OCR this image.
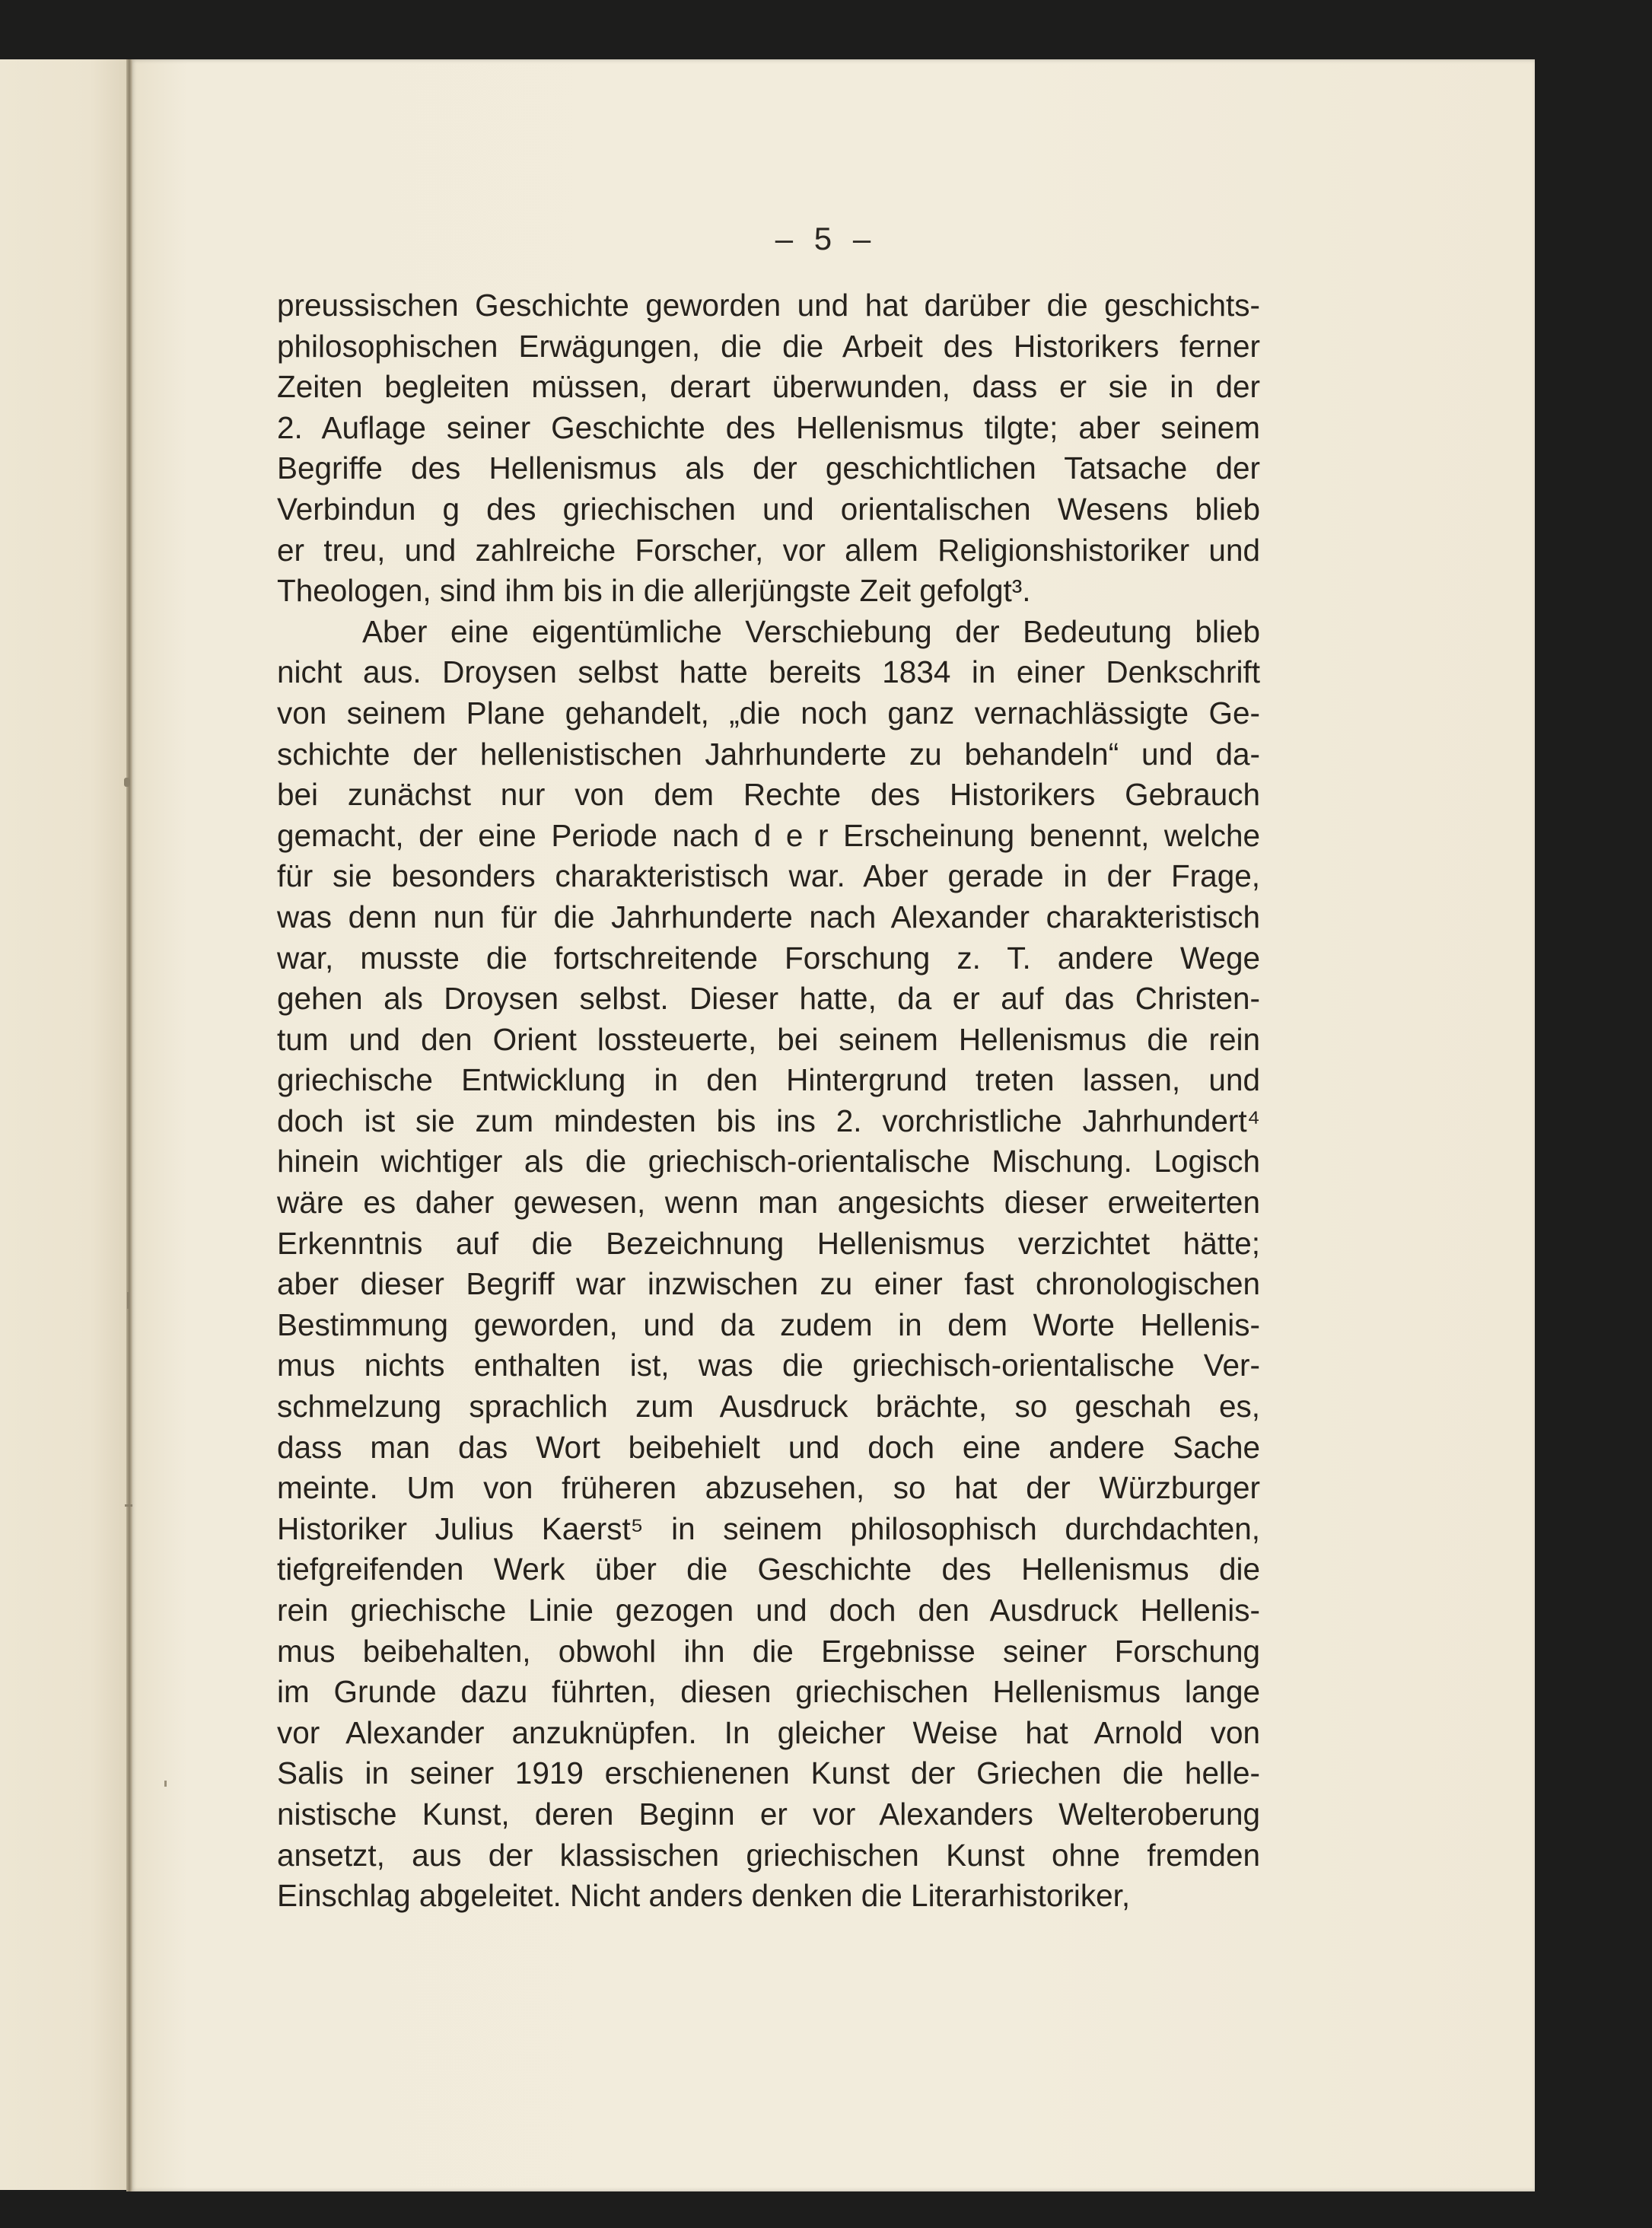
– 5 –
preussischen Geschichte geworden und hat darüber die geschichts-
philosophischen Erwägungen, die die Arbeit des Historikers ferner
Zeiten begleiten müssen, derart überwunden, dass er sie in der
2. Auflage seiner Geschichte des Hellenismus tilgte; aber seinem
Begriffe des Hellenismus als der geschichtlichen Tatsache der
Verbindun g des griechischen und orientalischen Wesens blieb
er treu, und zahlreiche Forscher, vor allem Religionshistoriker und
Theologen, sind ihm bis in die allerjüngste Zeit gefolgt³.
Aber eine eigentümliche Verschiebung der Bedeutung blieb
nicht aus. Droysen selbst hatte bereits 1834 in einer Denkschrift
von seinem Plane gehandelt, „die noch ganz vernachlässigte Ge-
schichte der hellenistischen Jahrhunderte zu behandeln“ und da-
bei zunächst nur von dem Rechte des Historikers Gebrauch
gemacht, der eine Periode nach d e r Erscheinung benennt, welche
für sie besonders charakteristisch war. Aber gerade in der Frage,
was denn nun für die Jahrhunderte nach Alexander charakteristisch
war, musste die fortschreitende Forschung z. T. andere Wege
gehen als Droysen selbst. Dieser hatte, da er auf das Christen-
tum und den Orient lossteuerte, bei seinem Hellenismus die rein
griechische Entwicklung in den Hintergrund treten lassen, und
doch ist sie zum mindesten bis ins 2. vorchristliche Jahrhundert⁴
hinein wichtiger als die griechisch-orientalische Mischung. Logisch
wäre es daher gewesen, wenn man angesichts dieser erweiterten
Erkenntnis auf die Bezeichnung Hellenismus verzichtet hätte;
aber dieser Begriff war inzwischen zu einer fast chronologischen
Bestimmung geworden, und da zudem in dem Worte Hellenis-
mus nichts enthalten ist, was die griechisch-orientalische Ver-
schmelzung sprachlich zum Ausdruck brächte, so geschah es,
dass man das Wort beibehielt und doch eine andere Sache
meinte. Um von früheren abzusehen, so hat der Würzburger
Historiker Julius Kaerst⁵ in seinem philosophisch durchdachten,
tiefgreifenden Werk über die Geschichte des Hellenismus die
rein griechische Linie gezogen und doch den Ausdruck Hellenis-
mus beibehalten, obwohl ihn die Ergebnisse seiner Forschung
im Grunde dazu führten, diesen griechischen Hellenismus lange
vor Alexander anzuknüpfen. In gleicher Weise hat Arnold von
Salis in seiner 1919 erschienenen Kunst der Griechen die helle-
nistische Kunst, deren Beginn er vor Alexanders Welteroberung
ansetzt, aus der klassischen griechischen Kunst ohne fremden
Einschlag abgeleitet. Nicht anders denken die Literarhistoriker,
